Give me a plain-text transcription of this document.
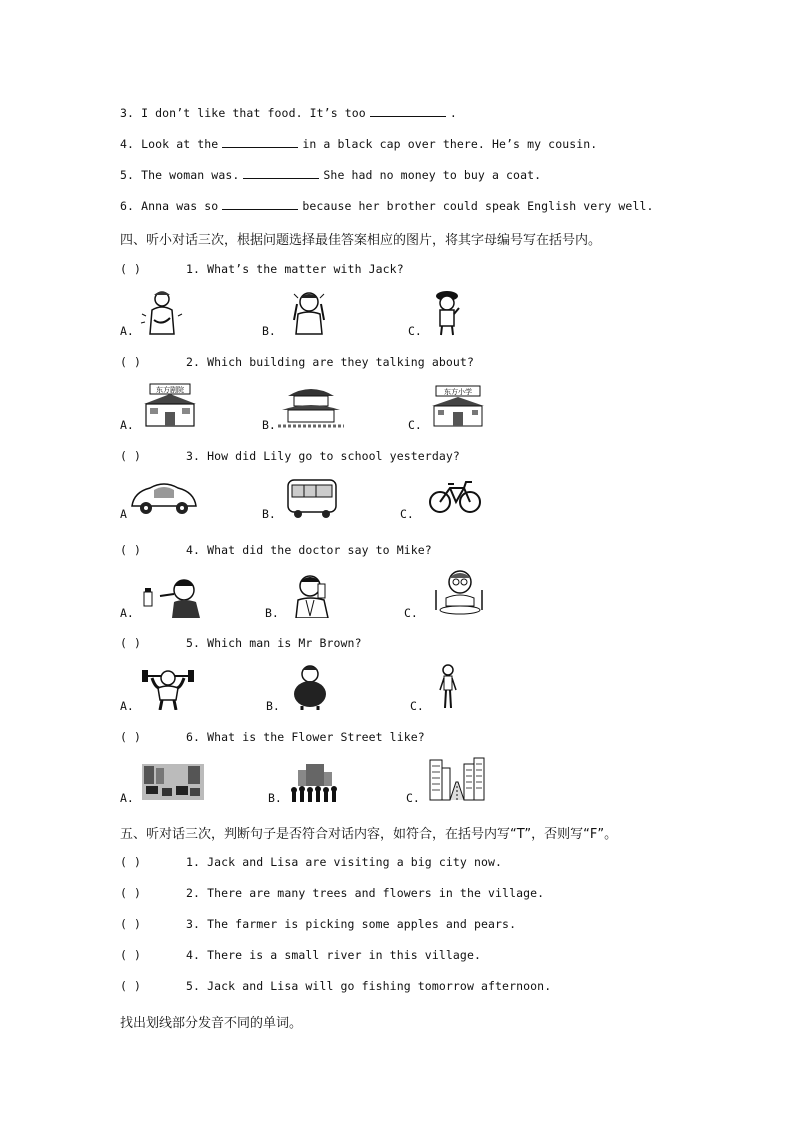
3. I don’t like that food. It’s too	.
4. Look at the	in a black cap over there. He’s my cousin.
5. The woman was.	She had no money to buy a coat.
6. Anna was so	because her brother could speak English very well.
四、听小对话三次，根据问题选择最佳答案相应的图片，将其字母编号写在括号内。
( )	1. What’s the matter with Jack?
A.	B.	C.
( )	2. Which building are they talking about?
A.	B.	C.
东方剧院	东方小学
( )	3. How did Lily go to school yesterday?
A	B.	C.
( )	4. What did the doctor say to Mike?
A.	B.	C.
( )	5. Which man is Mr Brown?
A.	B.	C.
( )	6. What is the Flower Street like?
A.	B.	C.
五、听对话三次，判断句子是否符合对话内容，如符合，在括号内写“T”，否则写“F”。
( )	1. Jack and Lisa are visiting a big city now.
( )	2. There are many trees and flowers in the village.
( )	3. The farmer is picking some apples and pears.
( )	4. There is a small river in this village.
( )	5. Jack and Lisa will go fishing tomorrow afternoon.
找出划线部分发音不同的单词。
